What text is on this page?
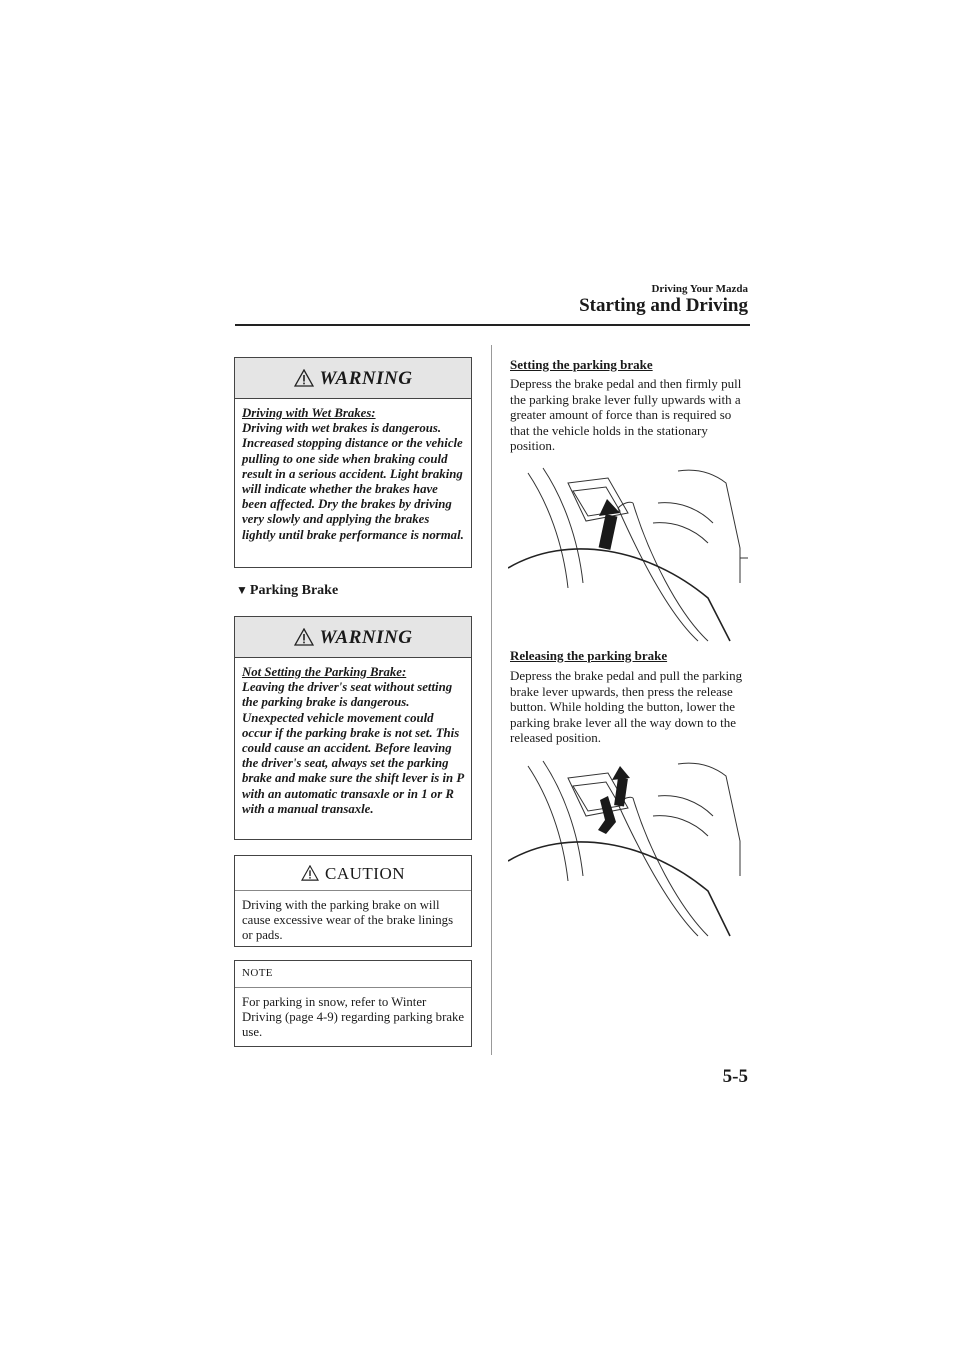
Driving Your Mazda
Starting and Driving
WARNING
Driving with Wet Brakes:
Driving with wet brakes is dangerous. Increased stopping distance or the vehicle pulling to one side when braking could result in a serious accident. Light braking will indicate whether the brakes have been affected. Dry the brakes by driving very slowly and applying the brakes lightly until brake performance is normal.
▼ Parking Brake
WARNING
Not Setting the Parking Brake:
Leaving the driver's seat without setting the parking brake is dangerous. Unexpected vehicle movement could occur if the parking brake is not set. This could cause an accident. Before leaving the driver's seat, always set the parking brake and make sure the shift lever is in P with an automatic transaxle or in 1 or R with a manual transaxle.
CAUTION
Driving with the parking brake on will cause excessive wear of the brake linings or pads.
NOTE
For parking in snow, refer to Winter Driving (page 4-9) regarding parking brake use.
Setting the parking brake
Depress the brake pedal and then firmly pull the parking brake lever fully upwards with a greater amount of force than is required so that the vehicle holds in the stationary position.
Releasing the parking brake
Depress the brake pedal and pull the parking brake lever upwards, then press the release button. While holding the button, lower the parking brake lever all the way down to the released position.
5-5
